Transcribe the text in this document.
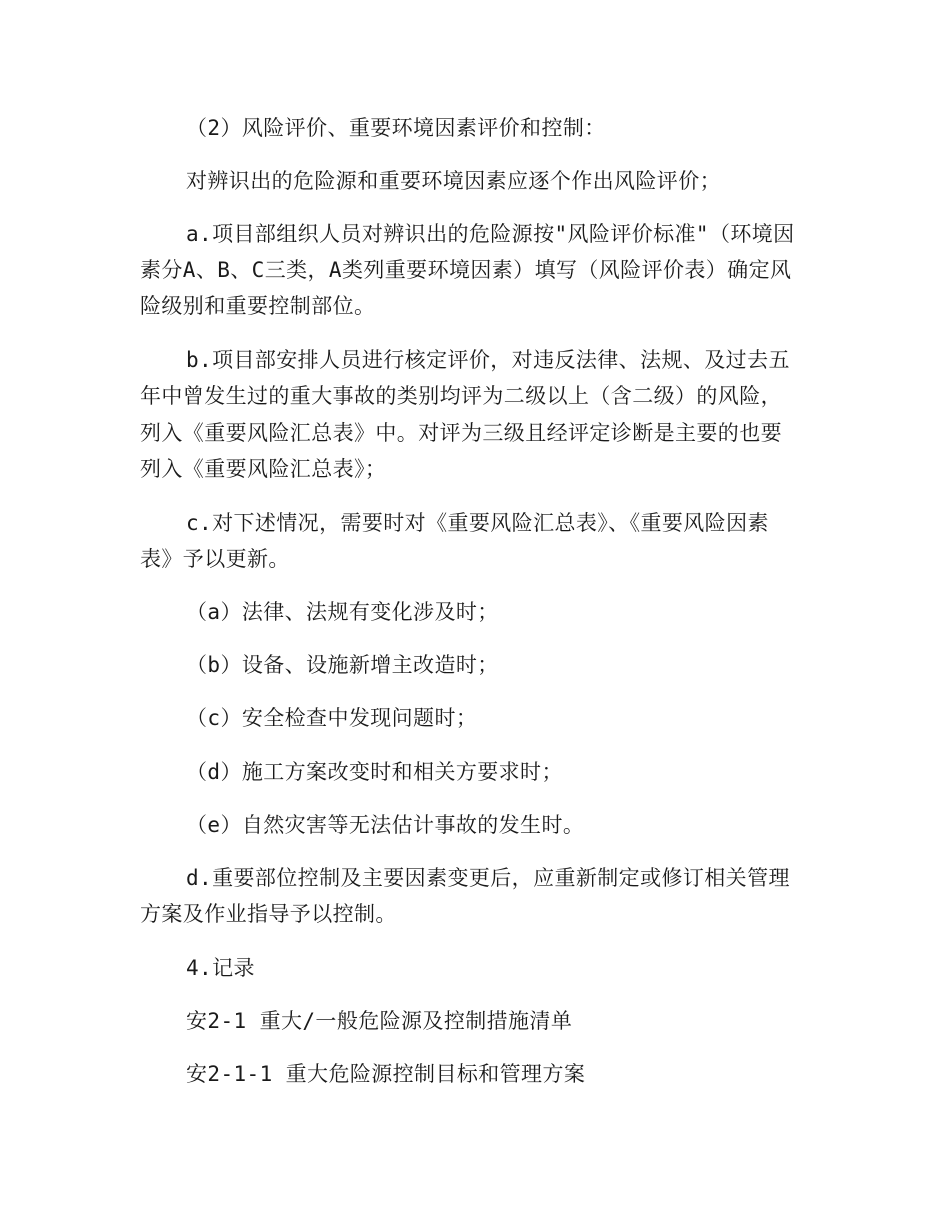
（2）风险评价、重要环境因素评价和控制：
对辨识出的危险源和重要环境因素应逐个作出风险评价；
a.项目部组织人员对辨识出的危险源按"风险评价标准"（环境因
素分A、B、C三类，A类列重要环境因素）填写（风险评价表）确定风
险级别和重要控制部位。
b.项目部安排人员进行核定评价，对违反法律、法规、及过去五
年中曾发生过的重大事故的类别均评为二级以上（含二级）的风险，
列入《重要风险汇总表》中。对评为三级且经评定诊断是主要的也要
列入《重要风险汇总表》；
c.对下述情况，需要时对《重要风险汇总表》、《重要风险因素
表》予以更新。
（a）法律、法规有变化涉及时；
（b）设备、设施新增主改造时；
（c）安全检查中发现问题时；
（d）施工方案改变时和相关方要求时；
（e）自然灾害等无法估计事故的发生时。
d.重要部位控制及主要因素变更后，应重新制定或修订相关管理
方案及作业指导予以控制。
4.记录
安2-1 重大/一般危险源及控制措施清单
安2-1-1 重大危险源控制目标和管理方案
